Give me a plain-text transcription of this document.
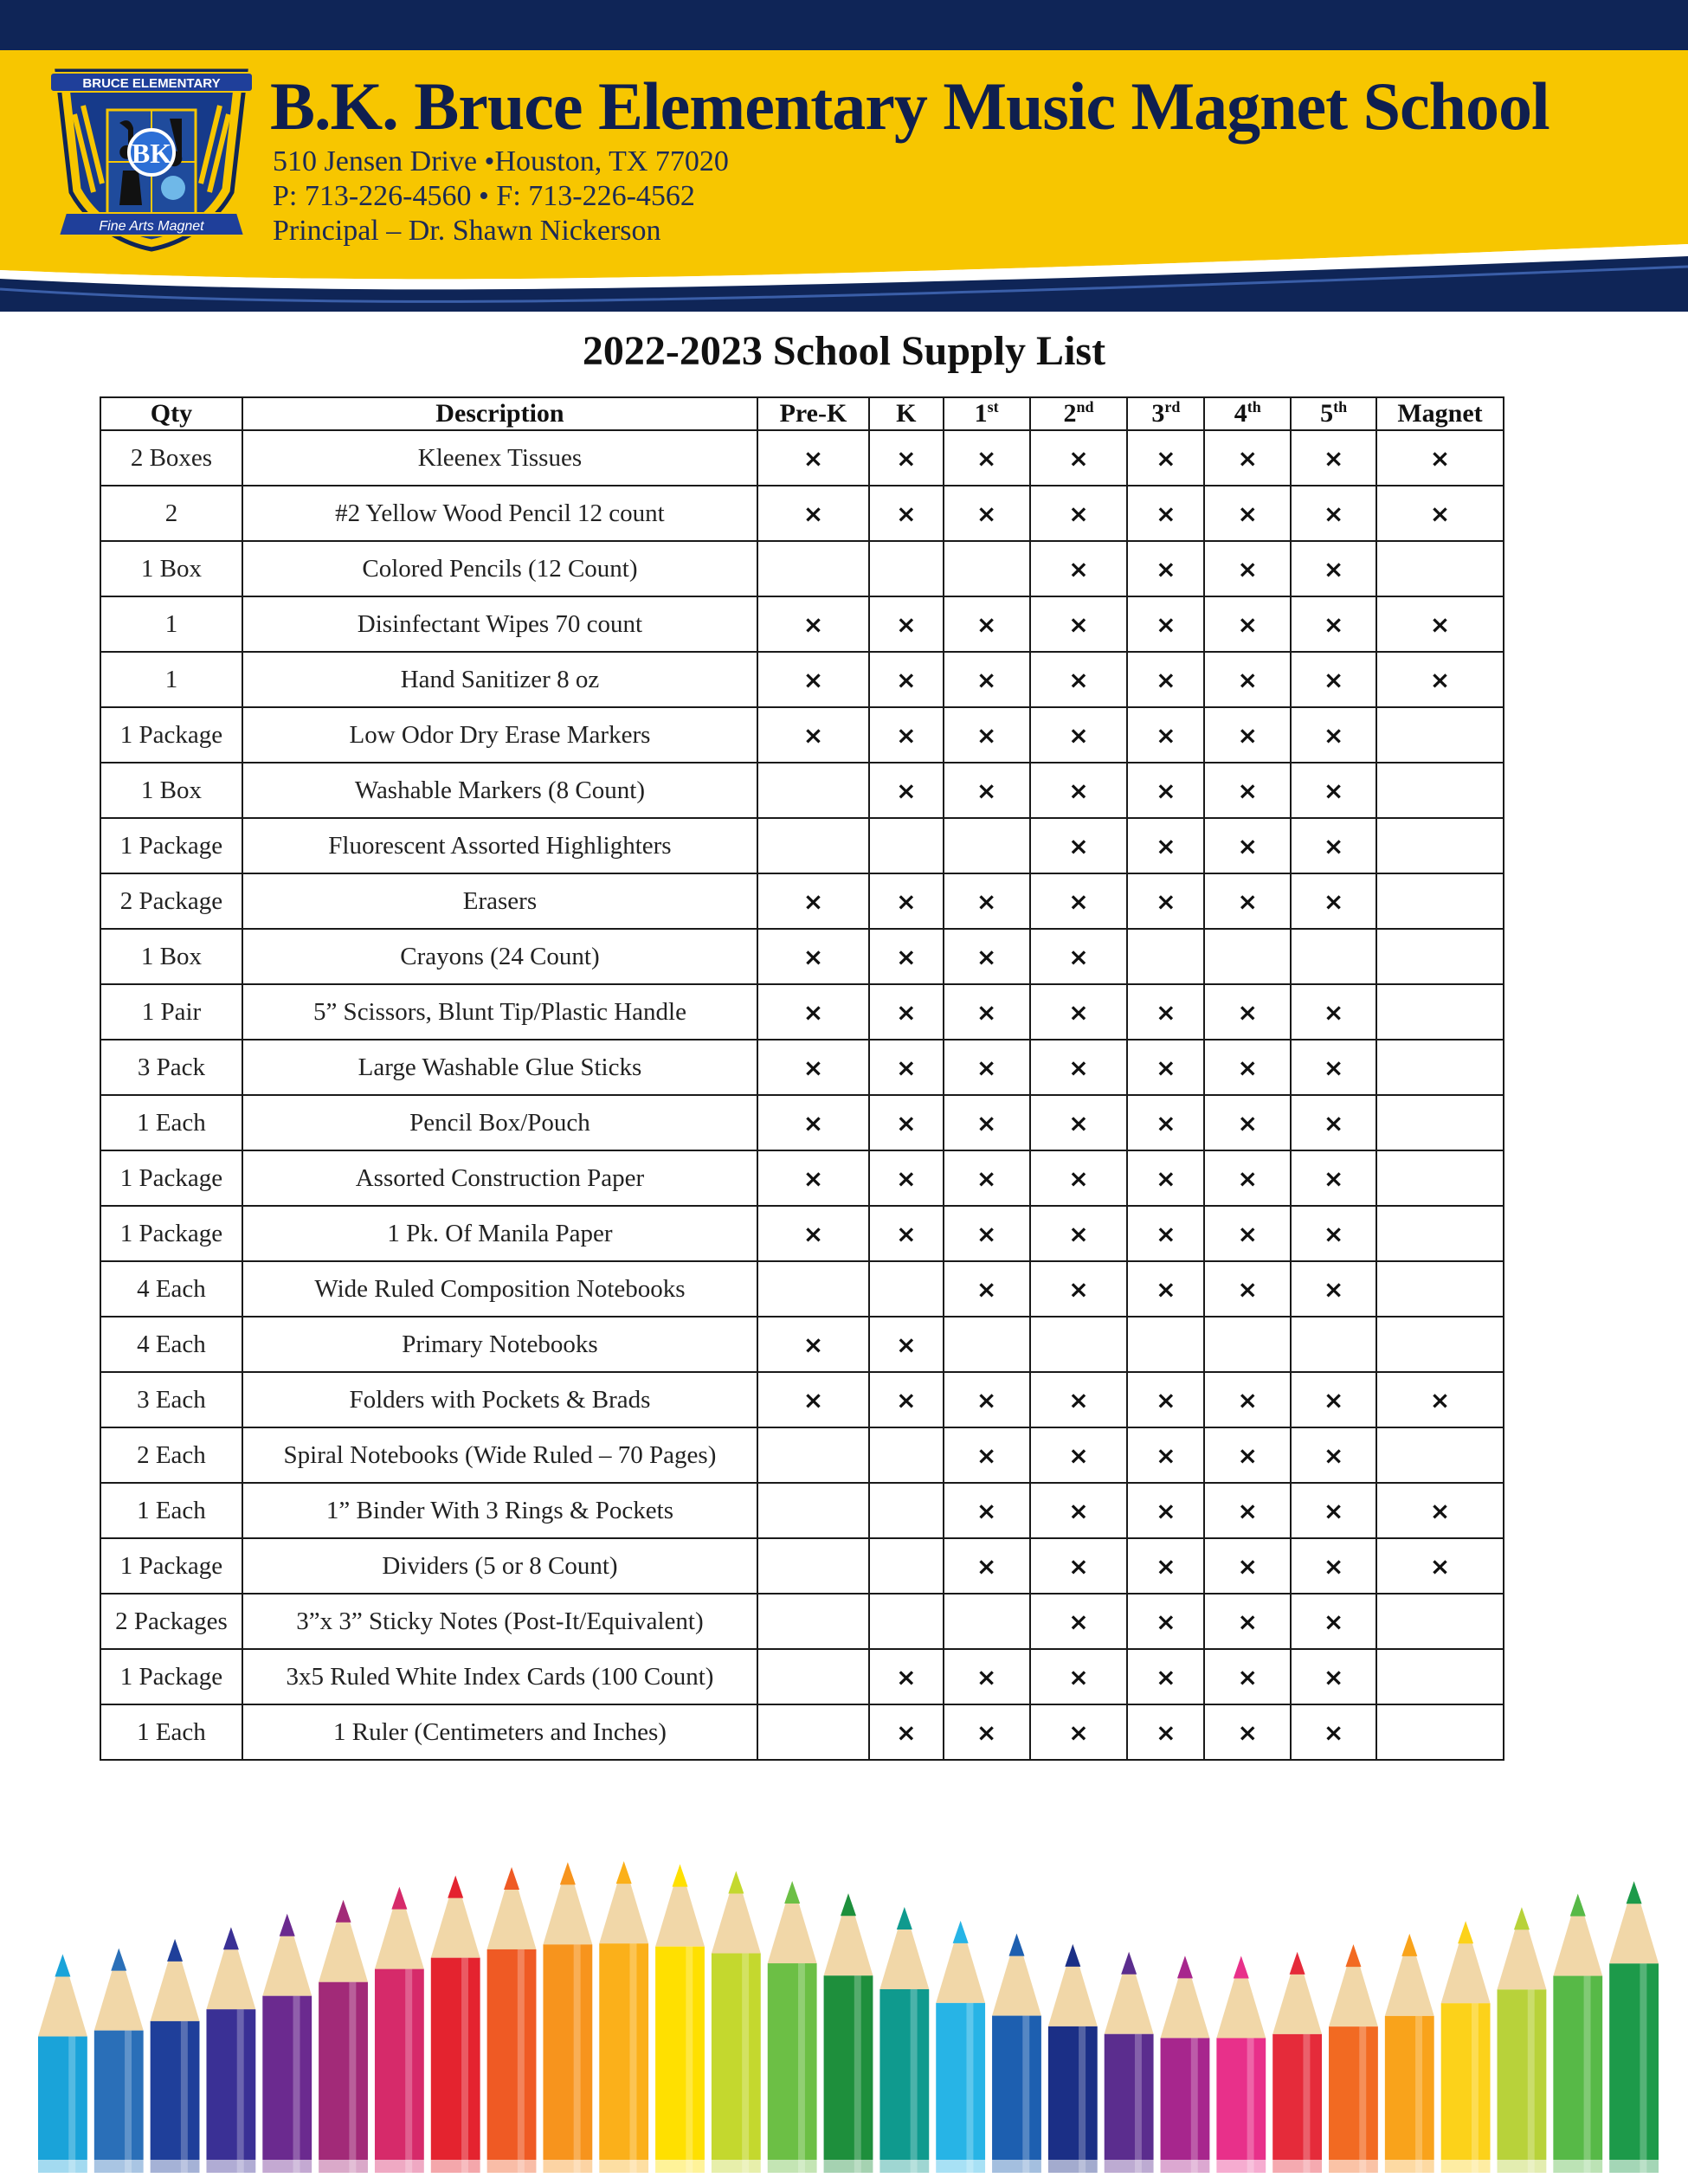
BK
BRUCE ELEMENTARY
Fine Arts Magnet
B.K. Bruce Elementary Music Magnet School
510 Jensen Drive •Houston, TX 77020
P: 713-226-4560 • F: 713-226-4562
Principal – Dr. Shawn Nickerson
2022-2023 School Supply List
Qty	Description	Pre-K	K	1st	2nd	3rd	4th	5th	Magnet
2 Boxes	Kleenex Tissues	×	×	×	×	×	×	×	×
2	#2 Yellow Wood Pencil 12 count	×	×	×	×	×	×	×	×
1 Box	Colored Pencils (12 Count)				×	×	×	×	
1	Disinfectant Wipes 70 count	×	×	×	×	×	×	×	×
1	Hand Sanitizer 8 oz	×	×	×	×	×	×	×	×
1 Package	Low Odor Dry Erase Markers	×	×	×	×	×	×	×	
1 Box	Washable Markers (8 Count)		×	×	×	×	×	×	
1 Package	Fluorescent Assorted Highlighters				×	×	×	×	
2 Package	Erasers	×	×	×	×	×	×	×	
1 Box	Crayons (24 Count)	×	×	×	×				
1 Pair	5” Scissors, Blunt Tip/Plastic Handle	×	×	×	×	×	×	×	
3 Pack	Large Washable Glue Sticks	×	×	×	×	×	×	×	
1 Each	Pencil Box/Pouch	×	×	×	×	×	×	×	
1 Package	Assorted Construction Paper	×	×	×	×	×	×	×	
1 Package	1 Pk. Of Manila Paper	×	×	×	×	×	×	×	
4 Each	Wide Ruled Composition Notebooks			×	×	×	×	×	
4 Each	Primary Notebooks	×	×						
3 Each	Folders with Pockets & Brads	×	×	×	×	×	×	×	×
2 Each	Spiral Notebooks (Wide Ruled – 70 Pages)			×	×	×	×	×	
1 Each	1” Binder With 3 Rings & Pockets			×	×	×	×	×	×
1 Package	Dividers (5 or 8 Count)			×	×	×	×	×	×
2 Packages	3”x 3” Sticky Notes (Post-It/Equivalent)				×	×	×	×	
1 Package	3x5 Ruled White Index Cards (100 Count)		×	×	×	×	×	×	
1 Each	1 Ruler (Centimeters and Inches)		×	×	×	×	×	×	
